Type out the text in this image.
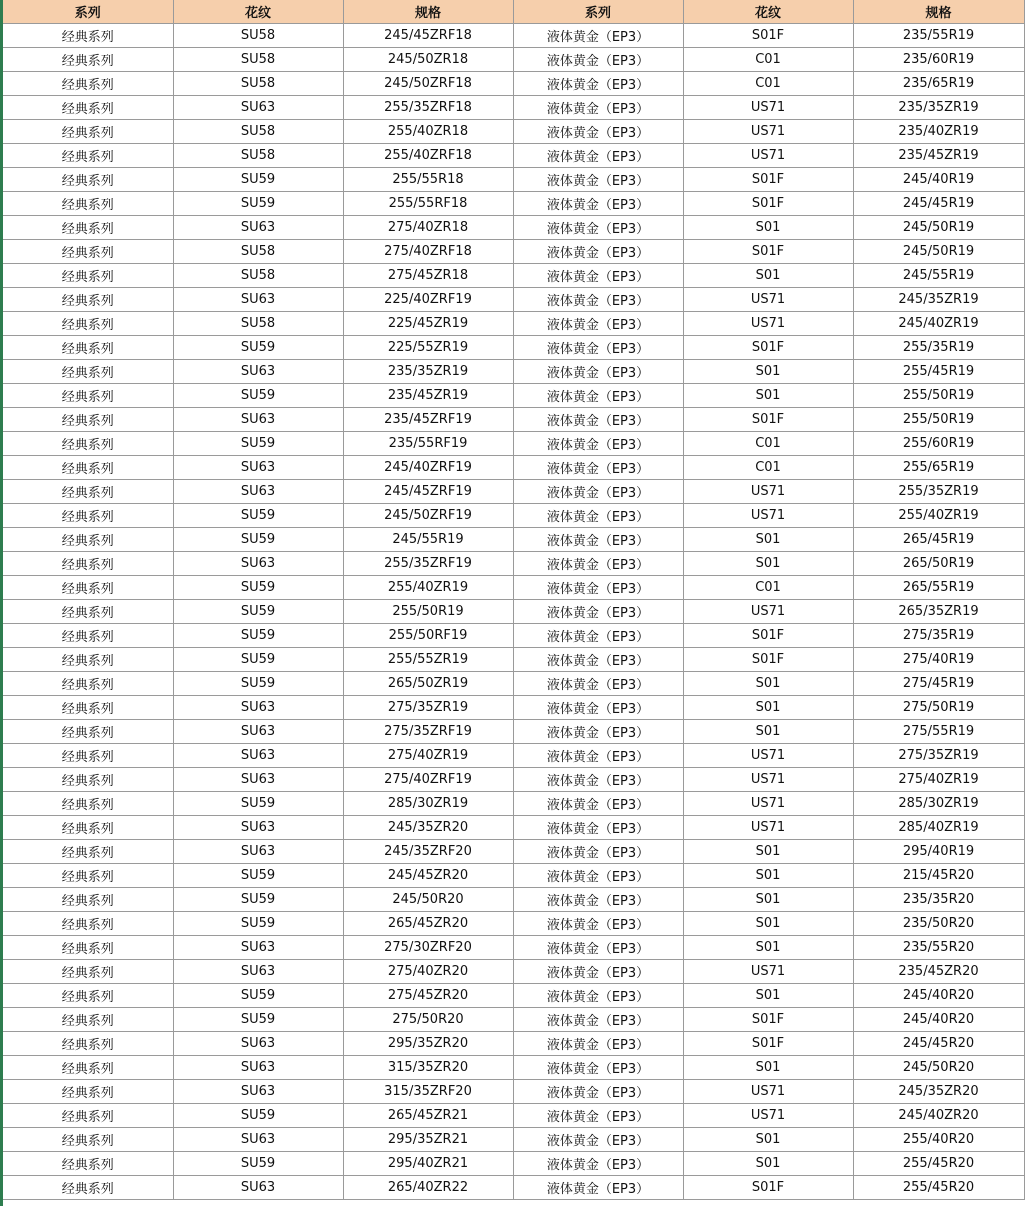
系列	花纹	规格	系列	花纹	规格
经典系列	SU58	245/45ZRF18	液体黄金（EP3）	S01F	235/55R19
经典系列	SU58	245/50ZR18	液体黄金（EP3）	C01	235/60R19
经典系列	SU58	245/50ZRF18	液体黄金（EP3）	C01	235/65R19
经典系列	SU63	255/35ZRF18	液体黄金（EP3）	US71	235/35ZR19
经典系列	SU58	255/40ZR18	液体黄金（EP3）	US71	235/40ZR19
经典系列	SU58	255/40ZRF18	液体黄金（EP3）	US71	235/45ZR19
经典系列	SU59	255/55R18	液体黄金（EP3）	S01F	245/40R19
经典系列	SU59	255/55RF18	液体黄金（EP3）	S01F	245/45R19
经典系列	SU63	275/40ZR18	液体黄金（EP3）	S01	245/50R19
经典系列	SU58	275/40ZRF18	液体黄金（EP3）	S01F	245/50R19
经典系列	SU58	275/45ZR18	液体黄金（EP3）	S01	245/55R19
经典系列	SU63	225/40ZRF19	液体黄金（EP3）	US71	245/35ZR19
经典系列	SU58	225/45ZR19	液体黄金（EP3）	US71	245/40ZR19
经典系列	SU59	225/55ZR19	液体黄金（EP3）	S01F	255/35R19
经典系列	SU63	235/35ZR19	液体黄金（EP3）	S01	255/45R19
经典系列	SU59	235/45ZR19	液体黄金（EP3）	S01	255/50R19
经典系列	SU63	235/45ZRF19	液体黄金（EP3）	S01F	255/50R19
经典系列	SU59	235/55RF19	液体黄金（EP3）	C01	255/60R19
经典系列	SU63	245/40ZRF19	液体黄金（EP3）	C01	255/65R19
经典系列	SU63	245/45ZRF19	液体黄金（EP3）	US71	255/35ZR19
经典系列	SU59	245/50ZRF19	液体黄金（EP3）	US71	255/40ZR19
经典系列	SU59	245/55R19	液体黄金（EP3）	S01	265/45R19
经典系列	SU63	255/35ZRF19	液体黄金（EP3）	S01	265/50R19
经典系列	SU59	255/40ZR19	液体黄金（EP3）	C01	265/55R19
经典系列	SU59	255/50R19	液体黄金（EP3）	US71	265/35ZR19
经典系列	SU59	255/50RF19	液体黄金（EP3）	S01F	275/35R19
经典系列	SU59	255/55ZR19	液体黄金（EP3）	S01F	275/40R19
经典系列	SU59	265/50ZR19	液体黄金（EP3）	S01	275/45R19
经典系列	SU63	275/35ZR19	液体黄金（EP3）	S01	275/50R19
经典系列	SU63	275/35ZRF19	液体黄金（EP3）	S01	275/55R19
经典系列	SU63	275/40ZR19	液体黄金（EP3）	US71	275/35ZR19
经典系列	SU63	275/40ZRF19	液体黄金（EP3）	US71	275/40ZR19
经典系列	SU59	285/30ZR19	液体黄金（EP3）	US71	285/30ZR19
经典系列	SU63	245/35ZR20	液体黄金（EP3）	US71	285/40ZR19
经典系列	SU63	245/35ZRF20	液体黄金（EP3）	S01	295/40R19
经典系列	SU59	245/45ZR20	液体黄金（EP3）	S01	215/45R20
经典系列	SU59	245/50R20	液体黄金（EP3）	S01	235/35R20
经典系列	SU59	265/45ZR20	液体黄金（EP3）	S01	235/50R20
经典系列	SU63	275/30ZRF20	液体黄金（EP3）	S01	235/55R20
经典系列	SU63	275/40ZR20	液体黄金（EP3）	US71	235/45ZR20
经典系列	SU59	275/45ZR20	液体黄金（EP3）	S01	245/40R20
经典系列	SU59	275/50R20	液体黄金（EP3）	S01F	245/40R20
经典系列	SU63	295/35ZR20	液体黄金（EP3）	S01F	245/45R20
经典系列	SU63	315/35ZR20	液体黄金（EP3）	S01	245/50R20
经典系列	SU63	315/35ZRF20	液体黄金（EP3）	US71	245/35ZR20
经典系列	SU59	265/45ZR21	液体黄金（EP3）	US71	245/40ZR20
经典系列	SU63	295/35ZR21	液体黄金（EP3）	S01	255/40R20
经典系列	SU59	295/40ZR21	液体黄金（EP3）	S01	255/45R20
经典系列	SU63	265/40ZR22	液体黄金（EP3）	S01F	255/45R20
